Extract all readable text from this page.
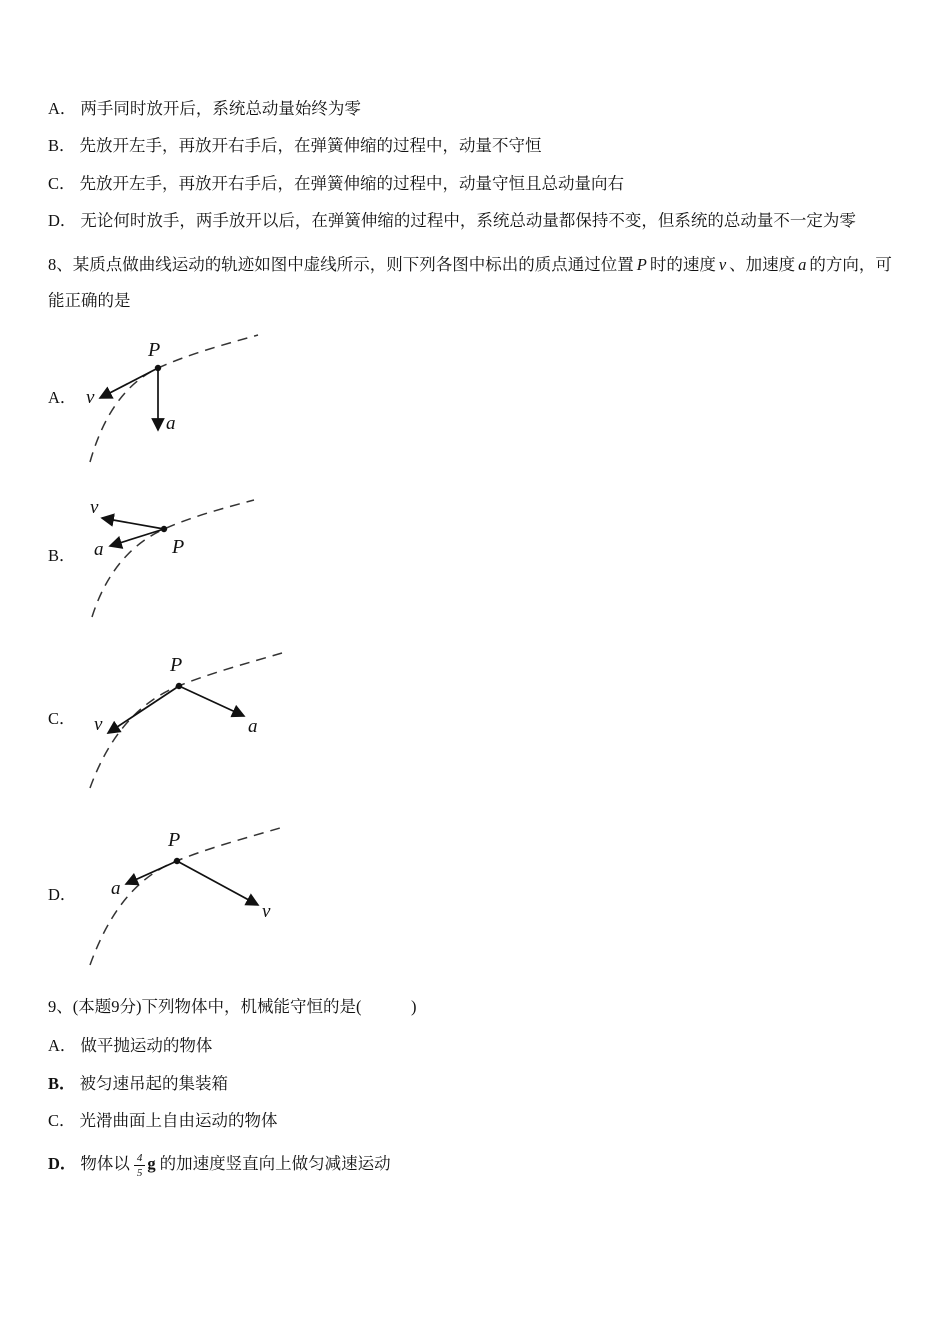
A． 两手同时放开后，系统总动量始终为零
B． 先放开左手，再放开右手后，在弹簧伸缩的过程中，动量不守恒
C． 先放开左手，再放开右手后，在弹簧伸缩的过程中，动量守恒且总动量向右
D． 无论何时放手，两手放开以后，在弹簧伸缩的过程中，系统总动量都保持不变，但系统的总动量不一定为零
8、某质点做曲线运动的轨迹如图中虚线所示，则下列各图中标出的质点通过位置 P 时的速度 v 、加速度 a 的方向，可能正确的是
A．
P
v
a
B．	P
v
a
C．
P
v	a
D．
P
a
v
9、(本题9分)下列物体中，机械能守恒的是(　　　)
A． 做平抛运动的物体
B． 被匀速吊起的集装箱
C． 光滑曲面上自由运动的物体
D． 物体以 $\frac{4}{5}$ g 的加速度竖直向上做匀减速运动
